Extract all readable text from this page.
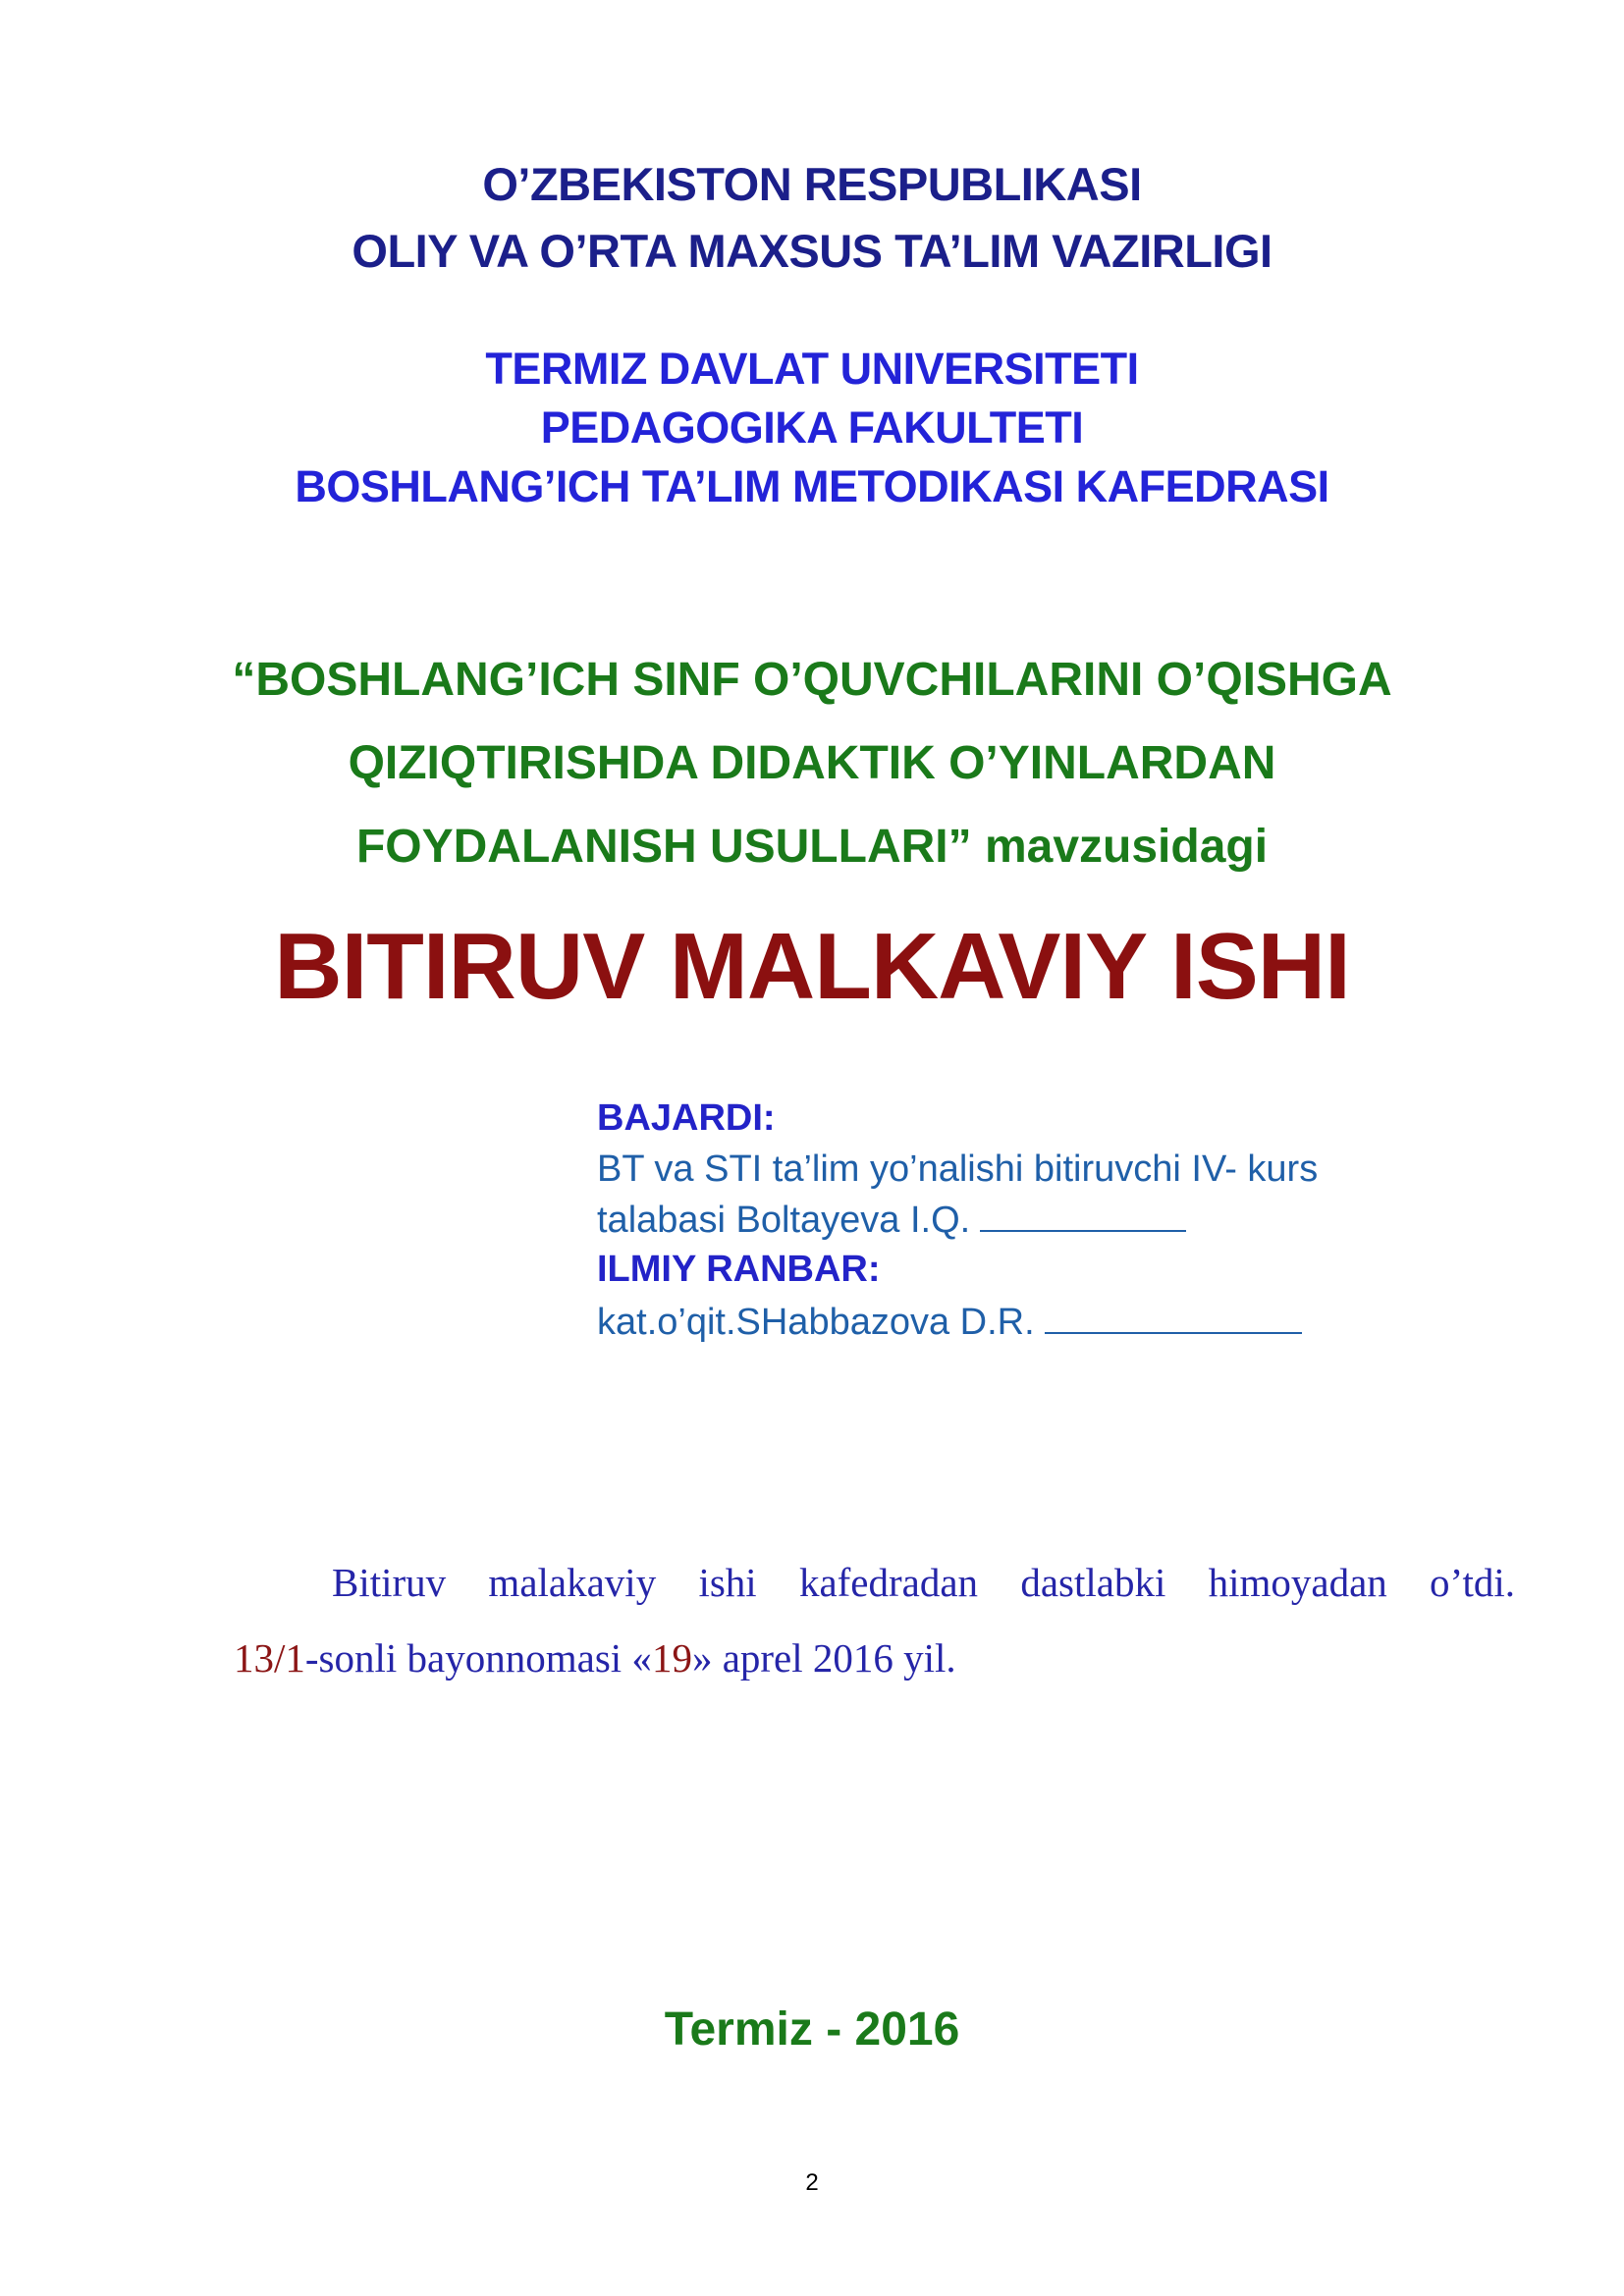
O’ZBEKISTON RESPUBLIKASI

OLIY VA O’RTA MAXSUS TA’LIM VAZIRLIGI

TERMIZ DAVLAT UNIVERSITETI

PEDAGOGIKA FAKULTETI

BOSHLANG’ICH TA’LIM METODIKASI KAFEDRASI

“BOSHLANG’ICH SINF O’QUVCHILARINI O’QISHGA

QIZIQTIRISHDA DIDAKTIK O’YINLARDAN

FOYDALANISH USULLARI” mavzusidagi

BITIRUV MALKAVIY ISHI

BAJARDI:

BT va STI ta’lim yo’nalishi bitiruvchi IV- kurs

talabasi Boltayeva I.Q.

ILMIY RANBAR:

kat.o’qit.SHabbazova D.R.

Bitiruv malakaviy ishi kafedradan dastlabki himoyadan o’tdi.

13/1-sonli bayonnomasi «19» aprel 2016 yil.

Termiz - 2016

2
